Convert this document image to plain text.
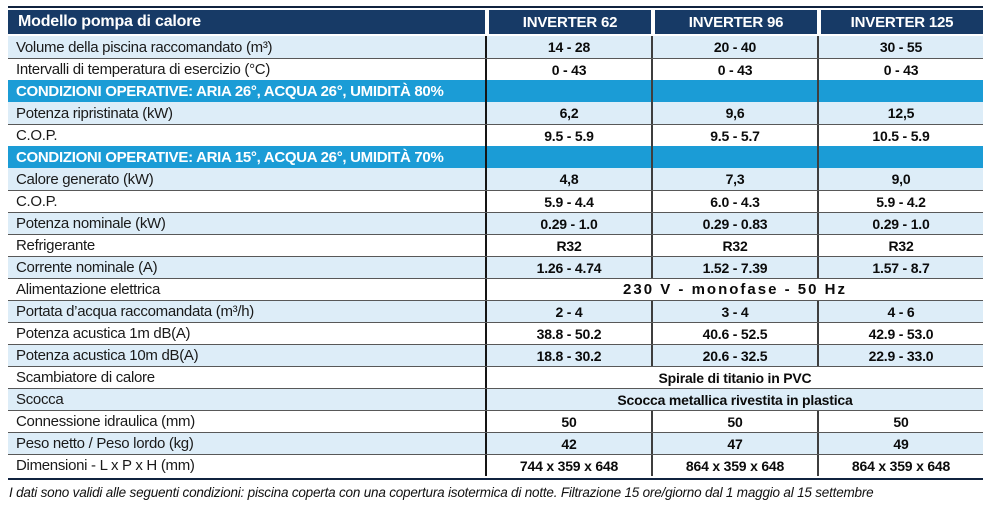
Modello pompa di calore	INVERTER 62	INVERTER 96	INVERTER 125
Volume della piscina raccomandato (m³)	14 - 28	20 - 40	30 - 55
Intervalli di temperatura di esercizio (°C)	0 - 43	0 - 43	0 - 43
CONDIZIONI OPERATIVE: ARIA 26°, ACQUA 26°, UMIDITÀ 80%
Potenza ripristinata (kW)	6,2	9,6	12,5
C.O.P.	9.5 - 5.9	9.5 - 5.7	10.5 - 5.9
CONDIZIONI OPERATIVE: ARIA 15°, ACQUA 26°, UMIDITÀ 70%
Calore generato (kW)	4,8	7,3	9,0
C.O.P.	5.9 - 4.4	6.0 - 4.3	5.9 - 4.2
Potenza nominale (kW)	0.29 - 1.0	0.29 - 0.83	0.29 - 1.0
Refrigerante	R32	R32	R32
Corrente nominale (A)	1.26 - 4.74	1.52 - 7.39	1.57 - 8.7
Alimentazione elettrica	230 V - monofase - 50 Hz
Portata d’acqua raccomandata (m³/h)	2 - 4	3 - 4	4 - 6
Potenza acustica 1m dB(A)	38.8 - 50.2	40.6 - 52.5	42.9 - 53.0
Potenza acustica 10m dB(A)	18.8 - 30.2	20.6 - 32.5	22.9 - 33.0
Scambiatore di calore	Spirale di titanio in PVC
Scocca	Scocca metallica rivestita in plastica
Connessione idraulica (mm)	50	50	50
Peso netto / Peso lordo (kg)	42	47	49
Dimensioni - L x P x H (mm)	744 x 359 x 648	864 x 359 x 648	864 x 359 x 648
I dati sono validi alle seguenti condizioni: piscina coperta con una copertura isotermica di notte. Filtrazione 15 ore/giorno dal 1 maggio al 15 settembre
